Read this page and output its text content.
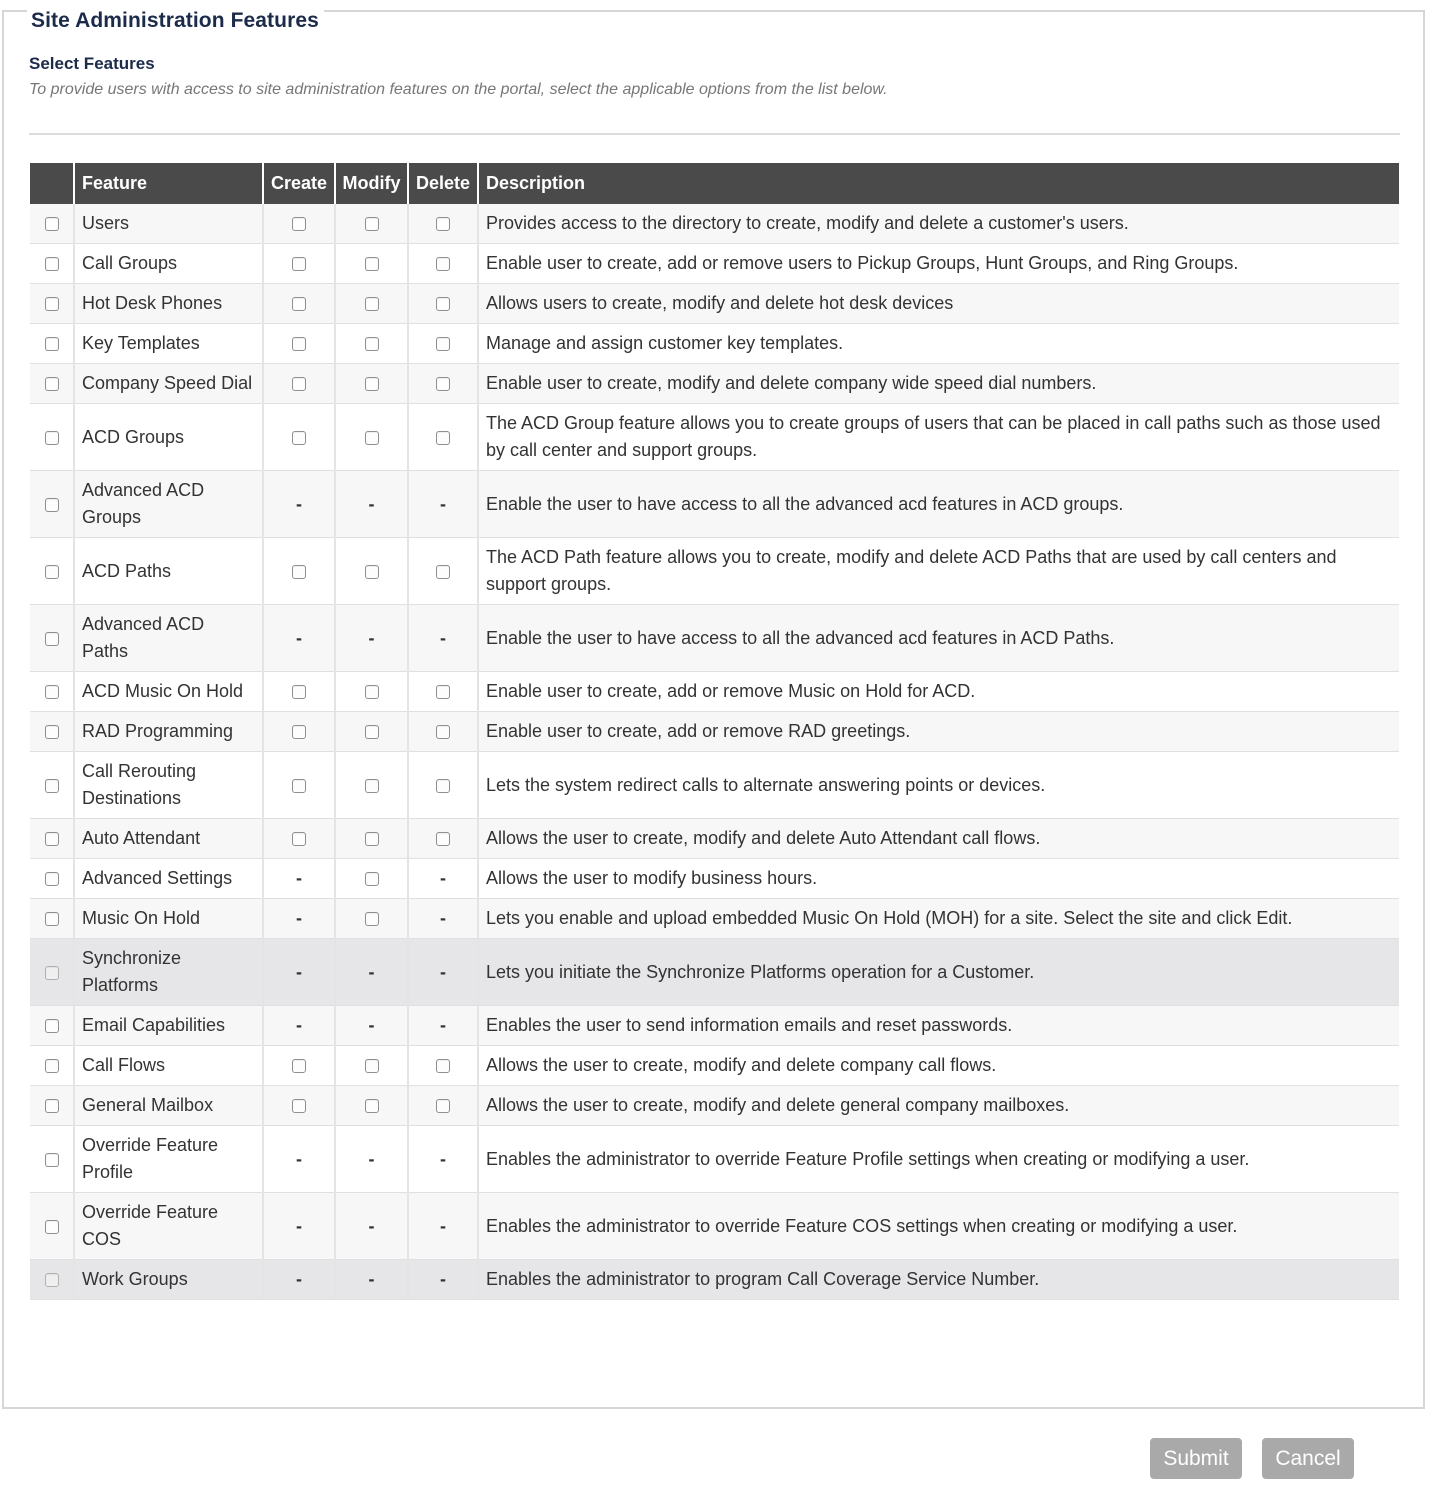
Site Administration Features
Select Features
To provide users with access to site administration features on the portal, select the applicable options from the list below.
	Feature	Create	Modify	Delete	Description
	Users				Provides access to the directory to create, modify and delete a customer's users.
	Call Groups				Enable user to create, add or remove users to Pickup Groups, Hunt Groups, and Ring Groups.
	Hot Desk Phones				Allows users to create, modify and delete hot desk devices
	Key Templates				Manage and assign customer key templates.
	Company Speed Dial				Enable user to create, modify and delete company wide speed dial numbers.
	ACD Groups				The ACD Group feature allows you to create groups of users that can be placed in call paths such as those used by call center and support groups.
	Advanced ACD Groups	-	-	-	Enable the user to have access to all the advanced acd features in ACD groups.
	ACD Paths				The ACD Path feature allows you to create, modify and delete ACD Paths that are used by call centers and support groups.
	Advanced ACD Paths	-	-	-	Enable the user to have access to all the advanced acd features in ACD Paths.
	ACD Music On Hold				Enable user to create, add or remove Music on Hold for ACD.
	RAD Programming				Enable user to create, add or remove RAD greetings.
	Call Rerouting Destinations				Lets the system redirect calls to alternate answering points or devices.
	Auto Attendant				Allows the user to create, modify and delete Auto Attendant call flows.
	Advanced Settings	-		-	Allows the user to modify business hours.
	Music On Hold	-		-	Lets you enable and upload embedded Music On Hold (MOH) for a site. Select the site and click Edit.
	Synchronize Platforms	-	-	-	Lets you initiate the Synchronize Platforms operation for a Customer.
	Email Capabilities	-	-	-	Enables the user to send information emails and reset passwords.
	Call Flows				Allows the user to create, modify and delete company call flows.
	General Mailbox				Allows the user to create, modify and delete general company mailboxes.
	Override Feature Profile	-	-	-	Enables the administrator to override Feature Profile settings when creating or modifying a user.
	Override Feature COS	-	-	-	Enables the administrator to override Feature COS settings when creating or modifying a user.
	Work Groups	-	-	-	Enables the administrator to program Call Coverage Service Number.
Submit	Cancel
